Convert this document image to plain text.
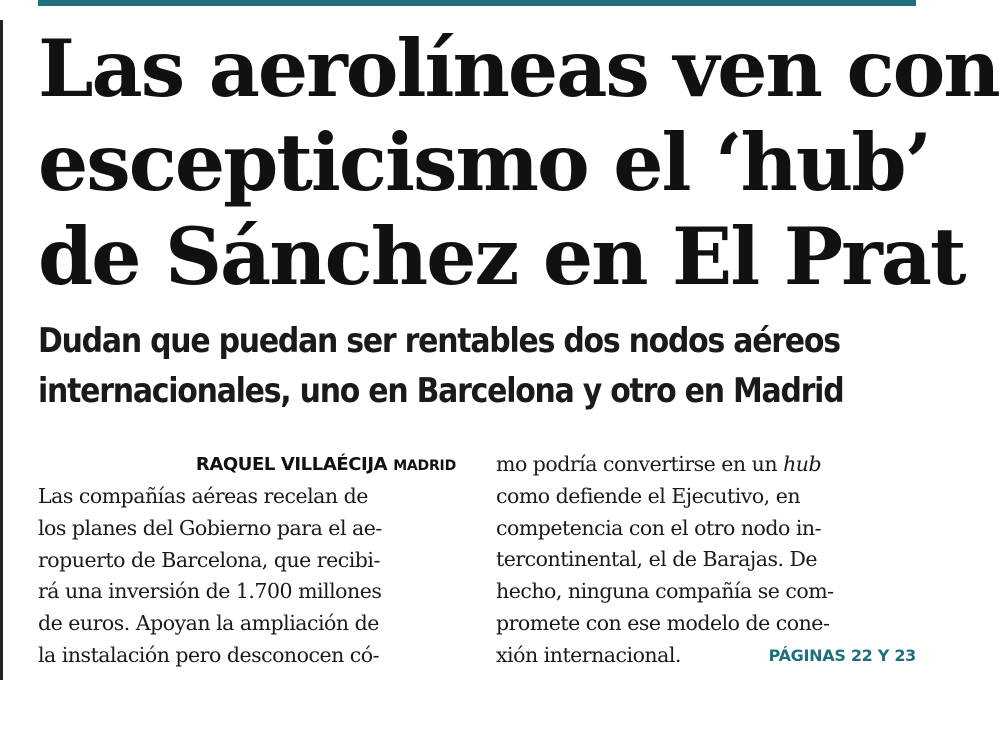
Las aerolíneas ven con
escepticismo el ‘hub’
de Sánchez en El Prat
Dudan que puedan ser rentables dos nodos aéreos
internacionales, uno en Barcelona y otro en Madrid
RAQUEL VILLAÉCIJA MADRID
Las compañías aéreas recelan de
los planes del Gobierno para el ae-
ropuerto de Barcelona, que recibi-
rá una inversión de 1.700 millones
de euros. Apoyan la ampliación de
la instalación pero desconocen có-
mo podría convertirse en un hub
como defiende el Ejecutivo, en
competencia con el otro nodo in-
tercontinental, el de Barajas. De
hecho, ninguna compañía se com-
promete con ese modelo de cone-
xión internacional.	PÁGINAS 22 Y 23
